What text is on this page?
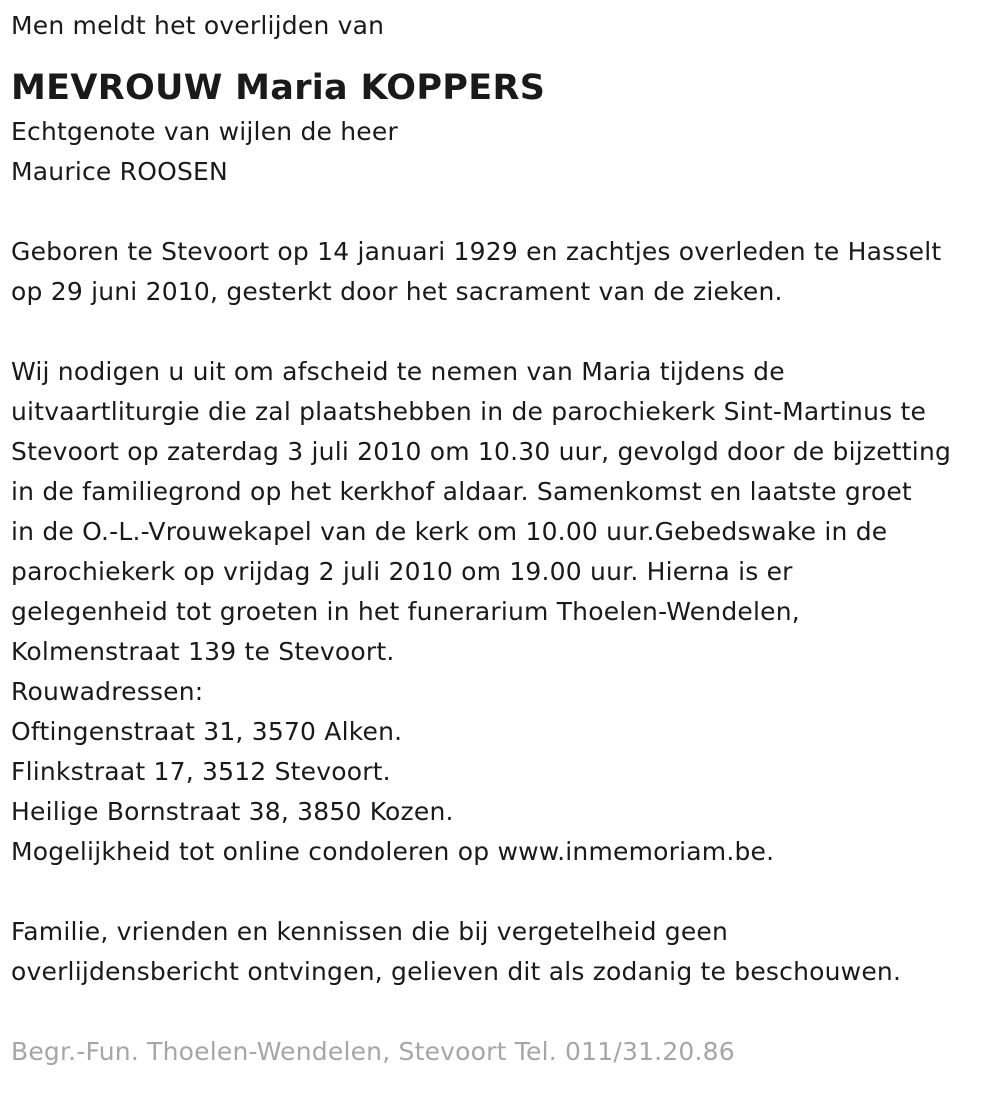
Men meldt het overlijden van
MEVROUW Maria KOPPERS
Echtgenote van wijlen de heer
Maurice ROOSEN
Geboren te Stevoort op 14 januari 1929 en zachtjes overleden te Hasselt
op 29 juni 2010, gesterkt door het sacrament van de zieken.
Wij nodigen u uit om afscheid te nemen van Maria tijdens de
uitvaartliturgie die zal plaatshebben in de parochiekerk Sint-Martinus te
Stevoort op zaterdag 3 juli 2010 om 10.30 uur, gevolgd door de bijzetting
in de familiegrond op het kerkhof aldaar. Samenkomst en laatste groet
in de O.-L.-Vrouwekapel van de kerk om 10.00 uur.Gebedswake in de
parochiekerk op vrijdag 2 juli 2010 om 19.00 uur. Hierna is er
gelegenheid tot groeten in het funerarium Thoelen-Wendelen,
Kolmenstraat 139 te Stevoort.
Rouwadressen:
Oftingenstraat 31, 3570 Alken.
Flinkstraat 17, 3512 Stevoort.
Heilige Bornstraat 38, 3850 Kozen.
Mogelijkheid tot online condoleren op www.inmemoriam.be.
Familie, vrienden en kennissen die bij vergetelheid geen
overlijdensbericht ontvingen, gelieven dit als zodanig te beschouwen.
Begr.-Fun. Thoelen-Wendelen, Stevoort Tel. 011/31.20.86
